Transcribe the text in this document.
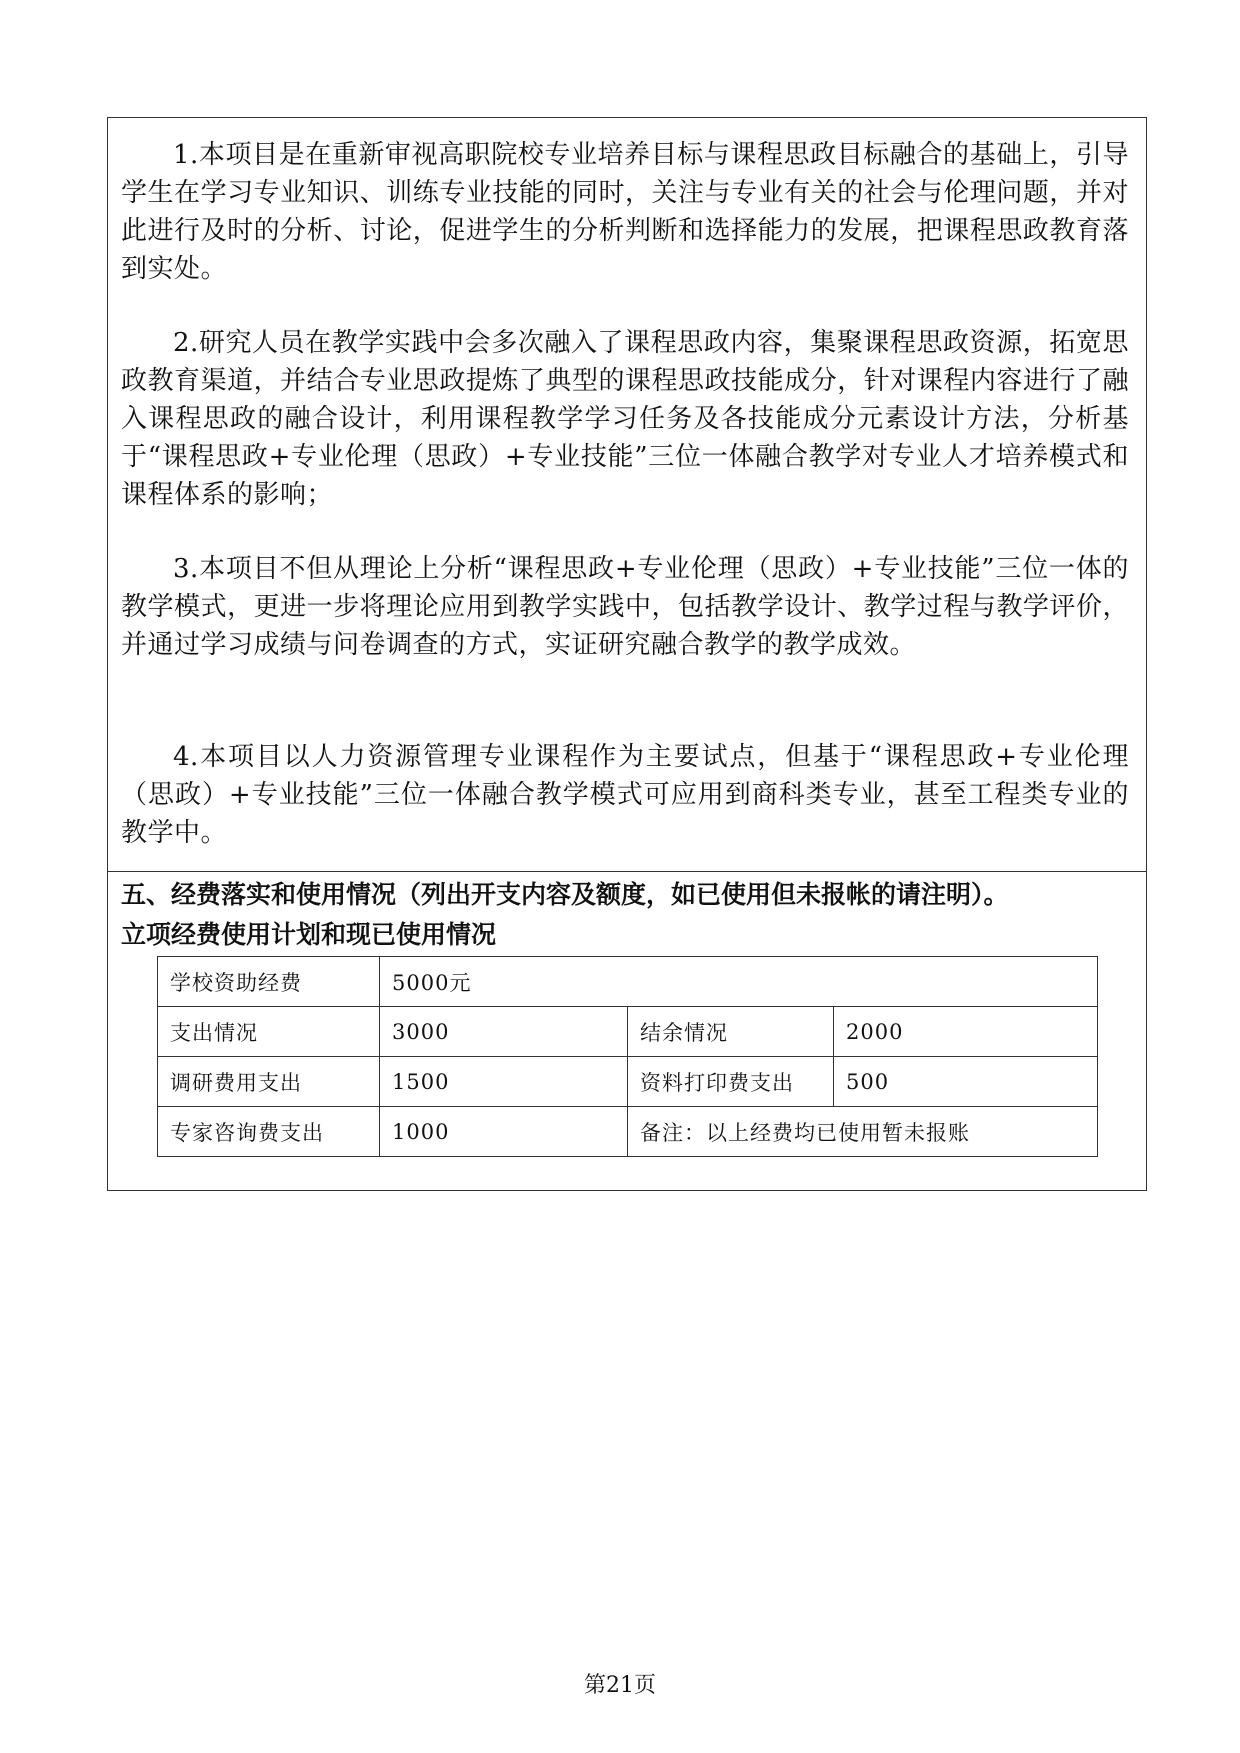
1.本项目是在重新审视高职院校专业培养目标与课程思政目标融合的基础上，引导学生在学习专业知识、训练专业技能的同时，关注与专业有关的社会与伦理问题，并对此进行及时的分析、讨论，促进学生的分析判断和选择能力的发展，把课程思政教育落到实处。

2.研究人员在教学实践中会多次融入了课程思政内容，集聚课程思政资源，拓宽思政教育渠道，并结合专业思政提炼了典型的课程思政技能成分，针对课程内容进行了融入课程思政的融合设计，利用课程教学学习任务及各技能成分元素设计方法，分析基于“课程思政+专业伦理（思政）+专业技能”三位一体融合教学对专业人才培养模式和课程体系的影响；

3.本项目不但从理论上分析“课程思政+专业伦理（思政）+专业技能”三位一体的教学模式，更进一步将理论应用到教学实践中，包括教学设计、教学过程与教学评价，并通过学习成绩与问卷调查的方式，实证研究融合教学的教学成效。

4.本项目以人力资源管理专业课程作为主要试点，但基于“课程思政+专业伦理（思政）+专业技能”三位一体融合教学模式可应用到商科类专业，甚至工程类专业的教学中。

五、经费落实和使用情况（列出开支内容及额度，如已使用但未报帐的请注明）。

立项经费使用计划和现已使用情况

学校资助经费	5000元		
支出情况	3000	结余情况	2000
调研费用支出	1500	资料打印费支出	500
专家咨询费支出	1000	备注：以上经费均已使用暂未报账	
第21页
